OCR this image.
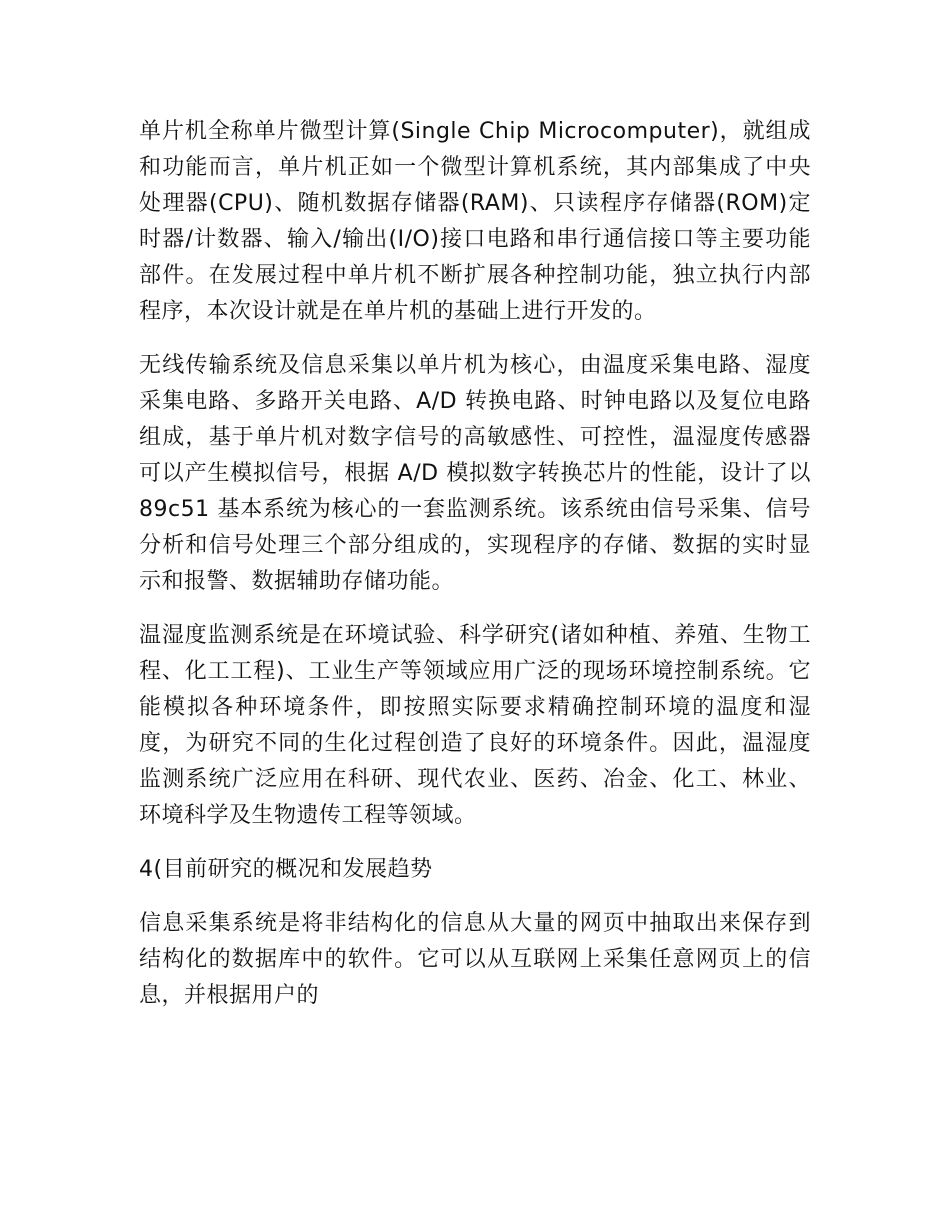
单片机全称单片微型计算(Single Chip Microcomputer)，就组成和功能而言，单片机正如一个微型计算机系统，其内部集成了中央处理器(CPU)、随机数据存储器(RAM)、只读程序存储器(ROM)定时器/计数器、输入/输出(I/O)接口电路和串行通信接口等主要功能部件。在发展过程中单片机不断扩展各种控制功能，独立执行内部程序，本次设计就是在单片机的基础上进行开发的。

无线传输系统及信息采集以单片机为核心，由温度采集电路、湿度采集电路、多路开关电路、A/D 转换电路、时钟电路以及复位电路组成，基于单片机对数字信号的高敏感性、可控性，温湿度传感器可以产生模拟信号，根据 A/D 模拟数字转换芯片的性能，设计了以 89c51 基本系统为核心的一套监测系统。该系统由信号采集、信号分析和信号处理三个部分组成的，实现程序的存储、数据的实时显示和报警、数据辅助存储功能。

温湿度监测系统是在环境试验、科学研究(诸如种植、养殖、生物工程、化工工程)、工业生产等领域应用广泛的现场环境控制系统。它能模拟各种环境条件，即按照实际要求精确控制环境的温度和湿度，为研究不同的生化过程创造了良好的环境条件。因此，温湿度监测系统广泛应用在科研、现代农业、医药、冶金、化工、林业、环境科学及生物遗传工程等领域。

4(目前研究的概况和发展趋势

信息采集系统是将非结构化的信息从大量的网页中抽取出来保存到结构化的数据库中的软件。它可以从互联网上采集任意网页上的信息，并根据用户的
